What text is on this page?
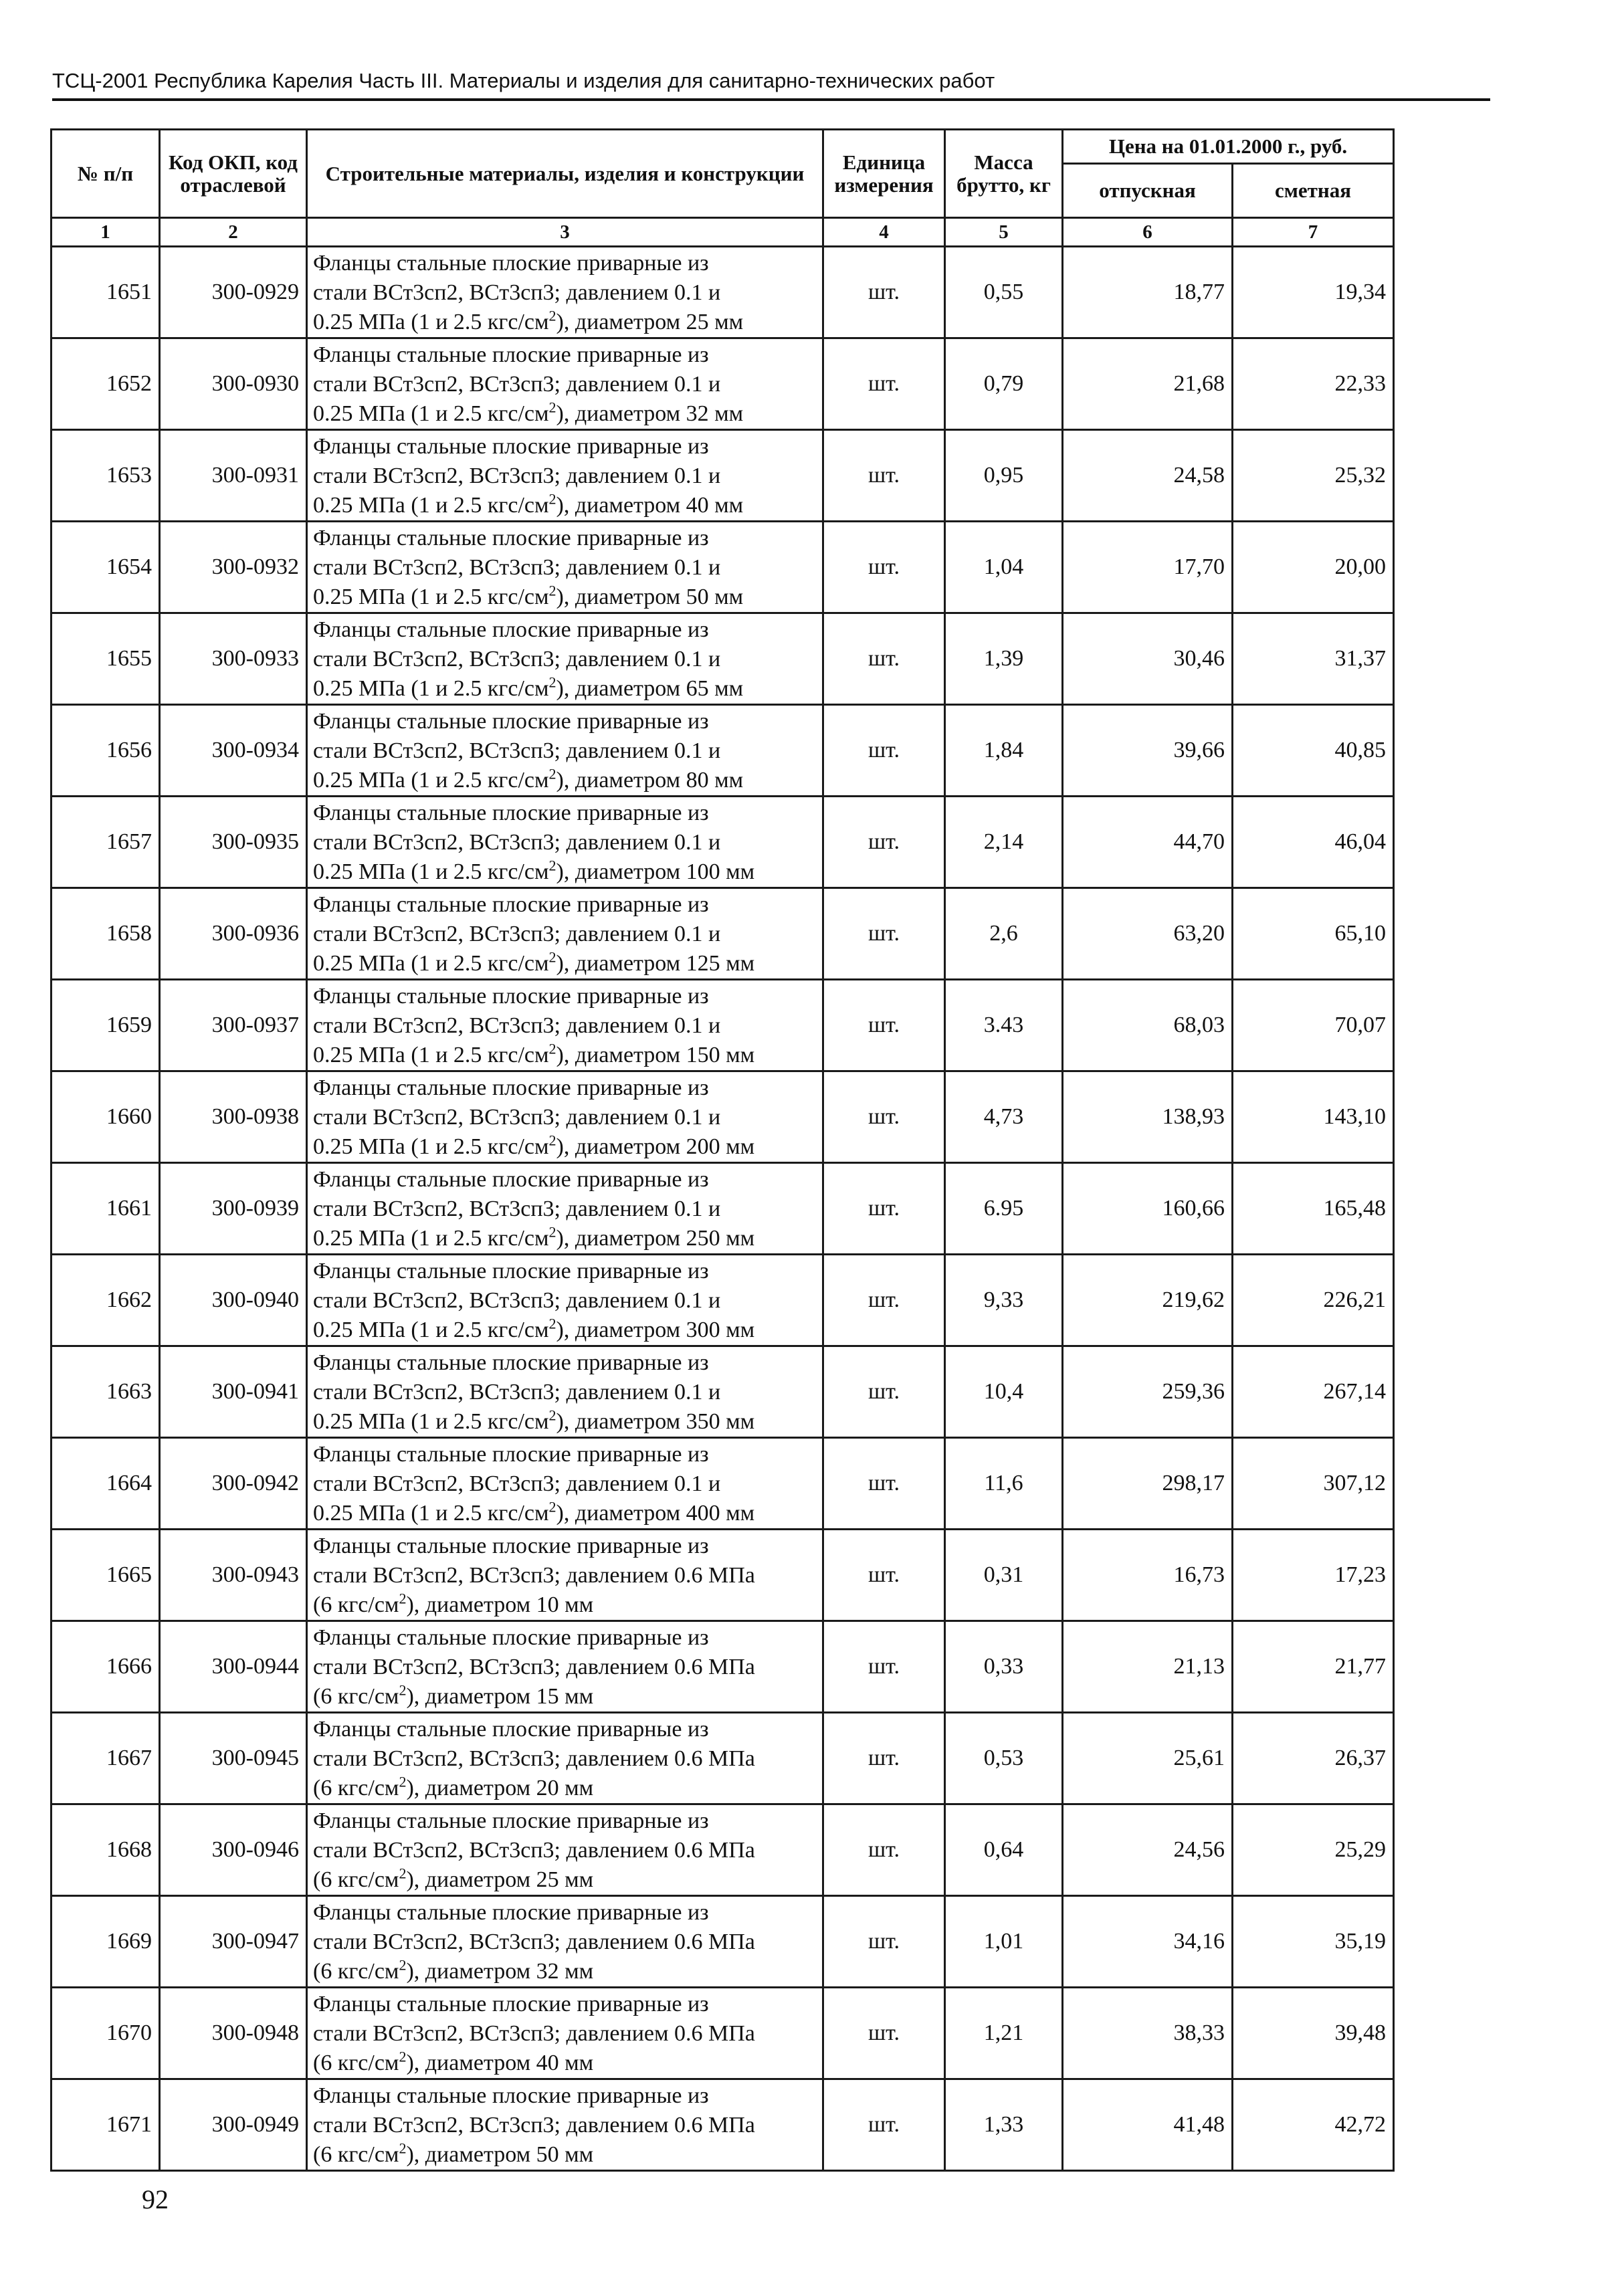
ТСЦ-2001 Республика Карелия Часть III. Материалы и изделия для санитарно-технических работ
№ п/п	Код ОКП, код отраслевой	Строительные материалы, изделия и конструкции	Единица измерения	Масса брутто, кг	Цена на 01.01.2000 г., руб.	
					отпускная	сметная
1	2	3	4	5	6	7
1651	300-0929	Фланцы стальные плоские приварные из
стали ВСт3сп2, ВСт3сп3; давлением 0.1 и
0.25 МПа (1 и 2.5 кгс/$см^2$), диаметром 25 мм	шт.	0,55	18,77	19,34
1652	300-0930	Фланцы стальные плоские приварные из
стали ВСт3сп2, ВСт3сп3; давлением 0.1 и
0.25 МПа (1 и 2.5 кгс/$см^2$), диаметром 32 мм	шт.	0,79	21,68	22,33
1653	300-0931	Фланцы стальные плоские приварные из
стали ВСт3сп2, ВСт3сп3; давлением 0.1 и
0.25 МПа (1 и 2.5 кгс/$см^2$), диаметром 40 мм	шт.	0,95	24,58	25,32
1654	300-0932	Фланцы стальные плоские приварные из
стали ВСт3сп2, ВСт3сп3; давлением 0.1 и
0.25 МПа (1 и 2.5 кгс/$см^2$), диаметром 50 мм	шт.	1,04	17,70	20,00
1655	300-0933	Фланцы стальные плоские приварные из
стали ВСт3сп2, ВСт3сп3; давлением 0.1 и
0.25 МПа (1 и 2.5 кгс/$см^2$), диаметром 65 мм	шт.	1,39	30,46	31,37
1656	300-0934	Фланцы стальные плоские приварные из
стали ВСт3сп2, ВСт3сп3; давлением 0.1 и
0.25 МПа (1 и 2.5 кгс/$см^2$), диаметром 80 мм	шт.	1,84	39,66	40,85
1657	300-0935	Фланцы стальные плоские приварные из
стали ВСт3сп2, ВСт3сп3; давлением 0.1 и
0.25 МПа (1 и 2.5 кгс/$см^2$), диаметром 100 мм	шт.	2,14	44,70	46,04
1658	300-0936	Фланцы стальные плоские приварные из
стали ВСт3сп2, ВСт3сп3; давлением 0.1 и
0.25 МПа (1 и 2.5 кгс/$см^2$), диаметром 125 мм	шт.	2,6	63,20	65,10
1659	300-0937	Фланцы стальные плоские приварные из
стали ВСт3сп2, ВСт3сп3; давлением 0.1 и
0.25 МПа (1 и 2.5 кгс/$см^2$), диаметром 150 мм	шт.	3.43	68,03	70,07
1660	300-0938	Фланцы стальные плоские приварные из
стали ВСт3сп2, ВСт3сп3; давлением 0.1 и
0.25 МПа (1 и 2.5 кгс/$см^2$), диаметром 200 мм	шт.	4,73	138,93	143,10
1661	300-0939	Фланцы стальные плоские приварные из
стали ВСт3сп2, ВСт3сп3; давлением 0.1 и
0.25 МПа (1 и 2.5 кгс/$см^2$), диаметром 250 мм	шт.	6.95	160,66	165,48
1662	300-0940	Фланцы стальные плоские приварные из
стали ВСт3сп2, ВСт3сп3; давлением 0.1 и
0.25 МПа (1 и 2.5 кгс/$см^2$), диаметром 300 мм	шт.	9,33	219,62	226,21
1663	300-0941	Фланцы стальные плоские приварные из
стали ВСт3сп2, ВСт3сп3; давлением 0.1 и
0.25 МПа (1 и 2.5 кгс/$см^2$), диаметром 350 мм	шт.	10,4	259,36	267,14
1664	300-0942	Фланцы стальные плоские приварные из
стали ВСт3сп2, ВСт3сп3; давлением 0.1 и
0.25 МПа (1 и 2.5 кгс/$см^2$), диаметром 400 мм	шт.	11,6	298,17	307,12
1665	300-0943	Фланцы стальные плоские приварные из
стали ВСт3сп2, ВСт3сп3; давлением 0.6 МПа
(6 кгс/$см^2$), диаметром 10 мм	шт.	0,31	16,73	17,23
1666	300-0944	Фланцы стальные плоские приварные из
стали ВСт3сп2, ВСт3сп3; давлением 0.6 МПа
(6 кгс/$см^2$), диаметром 15 мм	шт.	0,33	21,13	21,77
1667	300-0945	Фланцы стальные плоские приварные из
стали ВСт3сп2, ВСт3сп3; давлением 0.6 МПа
(6 кгс/$см^2$), диаметром 20 мм	шт.	0,53	25,61	26,37
1668	300-0946	Фланцы стальные плоские приварные из
стали ВСт3сп2, ВСт3сп3; давлением 0.6 МПа
(6 кгс/$см^2$), диаметром 25 мм	шт.	0,64	24,56	25,29
1669	300-0947	Фланцы стальные плоские приварные из
стали ВСт3сп2, ВСт3сп3; давлением 0.6 МПа
(6 кгс/$см^2$), диаметром 32 мм	шт.	1,01	34,16	35,19
1670	300-0948	Фланцы стальные плоские приварные из
стали ВСт3сп2, ВСт3сп3; давлением 0.6 МПа
(6 кгс/$см^2$), диаметром 40 мм	шт.	1,21	38,33	39,48
1671	300-0949	Фланцы стальные плоские приварные из
стали ВСт3сп2, ВСт3сп3; давлением 0.6 МПа
(6 кгс/$см^2$), диаметром 50 мм	шт.	1,33	41,48	42,72
92
